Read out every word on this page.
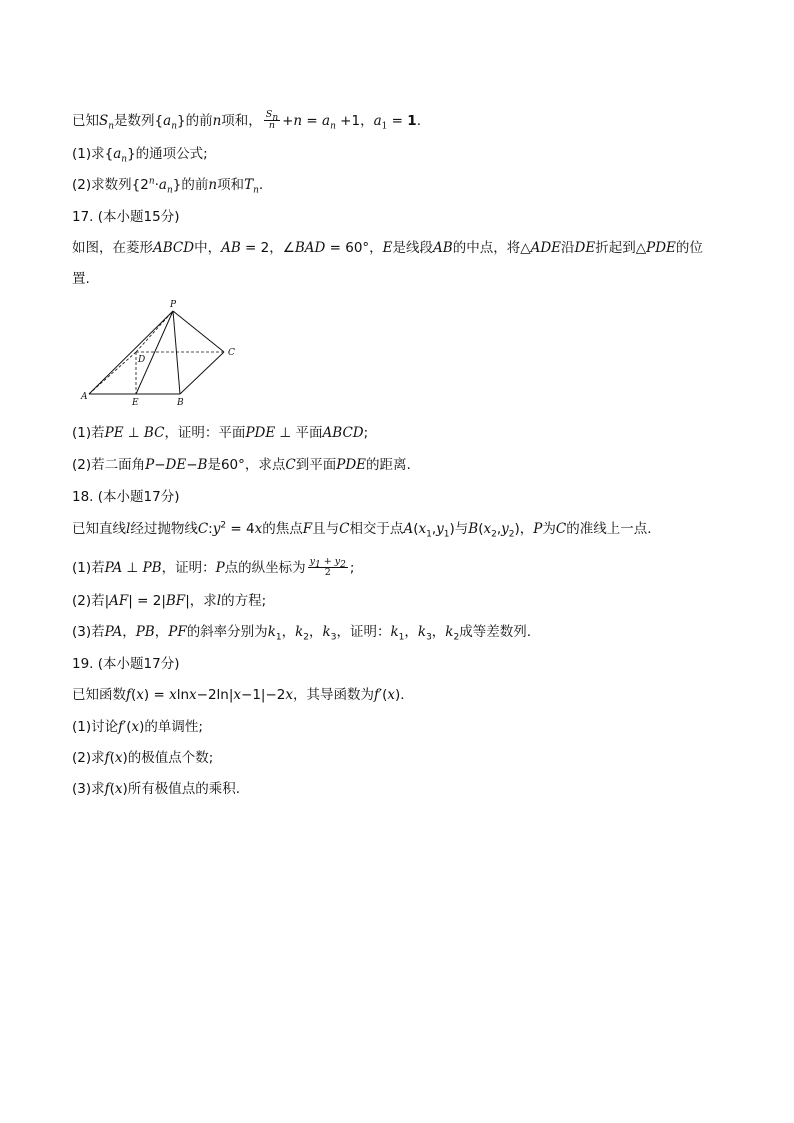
已知$S_n$是数列$\{a_n\}$的前n项和， $\frac{S_n}{n} +n = a_n +1$，$a_1 = 1$.
(1)求$\{a_n\}$的通项公式;
(2)求数列$\{2^n\cdot a_n\}$的前n项和$T_n$.
17. (本小题15分)
如图，在菱形ABCD中，AB = 2，∠BAD = 60°，E是线段AB的中点，将△ADE沿DE折起到△PDE的位
置.
P
D
C
A
E	B
(1)若PE ⊥ BC，证明：平面PDE ⊥ 平面ABCD;
(2)若二面角P−DE−B是60°，求点C到平面PDE的距离.
18. (本小题17分)
已知直线l经过抛物线$C:y^2 = 4x$的焦点F且与C相交于点$A(x_1,y_1)$与$B(x_2,y_2)$，P为C的准线上一点.
(1)若PA ⊥ PB，证明：P点的纵坐标为 $\frac{y_1 + y_2}{2}$ ;
(2)若|AF| = 2|BF|，求l的方程;
(3)若PA，PB，PF的斜率分别为$k_1$，$k_2$，$k_3$，证明：$k_1$，$k_3$，$k_2$成等差数列.
19. (本小题17分)
已知函数f(x) = xlnx−2ln|x−1|−2x，其导函数为f′(x).
(1)讨论f′(x)的单调性;
(2)求f(x)的极值点个数;
(3)求f(x)所有极值点的乘积.
